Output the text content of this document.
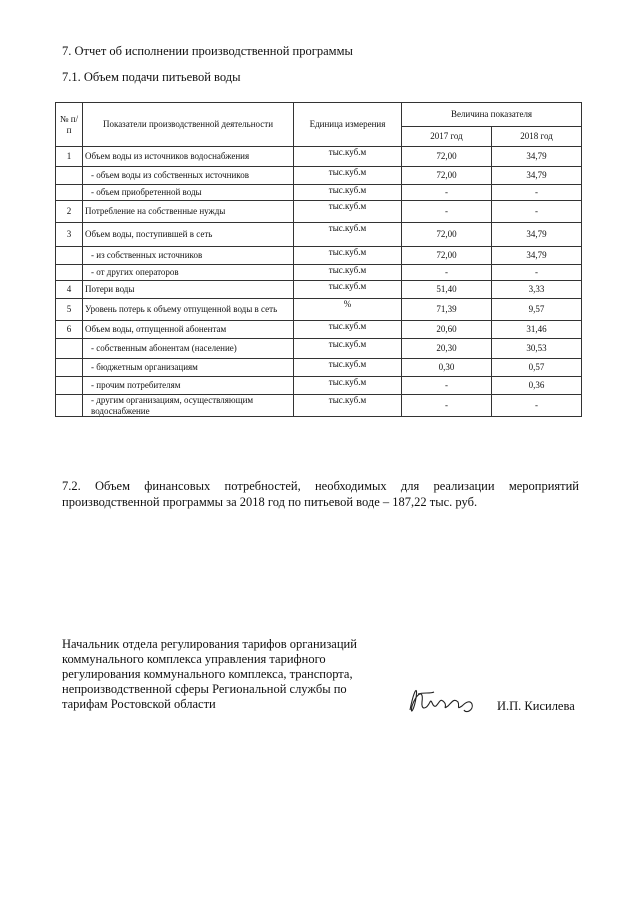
7. Отчет об исполнении производственной программы
7.1. Объем подачи питьевой воды
№ п/п	Показатели производственной деятельности	Единица измерения	Величина показателя	
			2017 год	2018 год
1	Объем воды из источников водоснабжения	тыс.куб.м	72,00	34,79
	- объем воды из собственных источников	тыс.куб.м	72,00	34,79
	- объем приобретенной воды	тыс.куб.м	-	-
2	Потребление на собственные нужды	тыс.куб.м	-	-
3	Объем воды, поступившей в сеть	тыс.куб.м	72,00	34,79
	- из собственных источников	тыс.куб.м	72,00	34,79
	- от других операторов	тыс.куб.м	-	-
4	Потери воды	тыс.куб.м	51,40	3,33
5	Уровень потерь к объему отпущенной воды в сеть	%	71,39	9,57
6	Объем воды, отпущенной абонентам	тыс.куб.м	20,60	31,46
	- собственным абонентам (население)	тыс.куб.м	20,30	30,53
	- бюджетным организациям	тыс.куб.м	0,30	0,57
	- прочим потребителям	тыс.куб.м	-	0,36
	- другим организациям, осуществляющим водоснабжение	тыс.куб.м	-	-
7.2. Объем финансовых потребностей, необходимых для реализации мероприятий
производственной программы за 2018 год по питьевой воде – 187,22 тыс. руб.
Начальник отдела регулирования тарифов организаций
коммунального комплекса управления тарифного
регулирования коммунального комплекса, транспорта,
непроизводственной сферы Региональной службы по
тарифам Ростовской области	И.П. Кисилева
